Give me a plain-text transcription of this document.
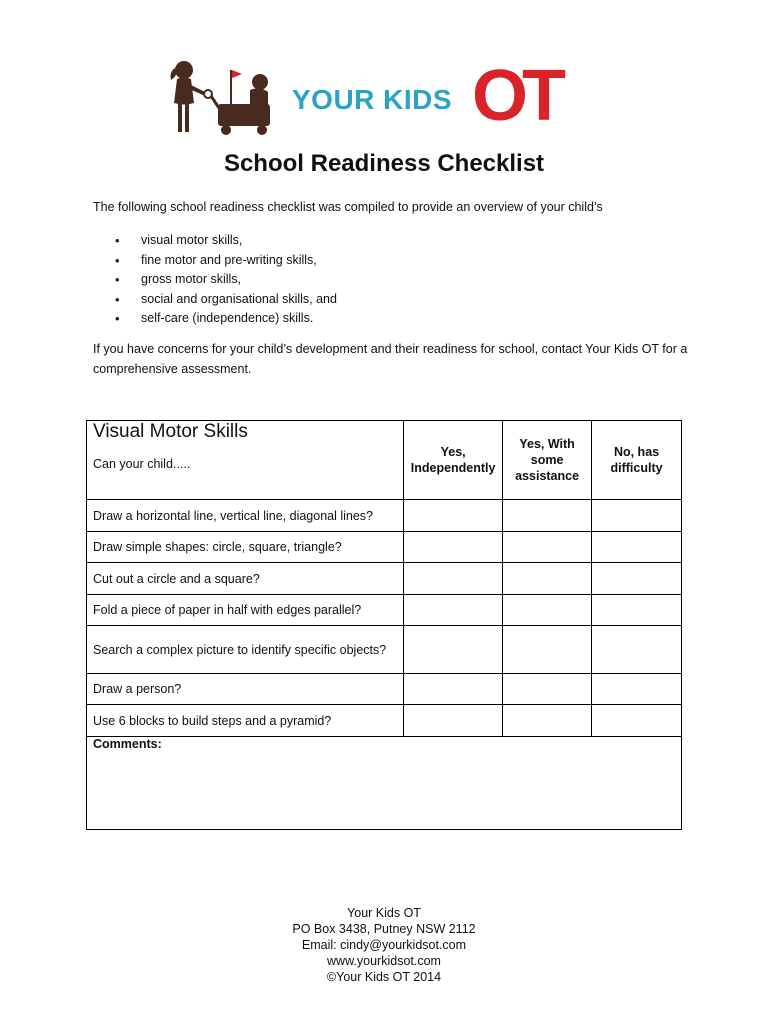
YOUR KIDS OT
School Readiness Checklist
The following school readiness checklist was compiled to provide an overview of your child’s
• visual motor skills,
• fine motor and pre-writing skills,
• gross motor skills,
• social and organisational skills, and
• self-care (independence) skills.
If you have concerns for your child’s development and their readiness for school, contact Your Kids OT for a comprehensive assessment.
Visual Motor Skills
Can your child.....	Yes, Independently	Yes, With some assistance	No, has difficulty
Draw a horizontal line, vertical line, diagonal lines?			
Draw simple shapes: circle, square, triangle?			
Cut out a circle and a square?			
Fold a piece of paper in half with edges parallel?			
Search a complex picture to identify specific objects?			
Draw a person?			
Use 6 blocks to build steps and a pyramid?			
Comments:			
Your Kids OT
PO Box 3438, Putney NSW 2112
Email: cindy@yourkidsot.com
www.yourkidsot.com
©Your Kids OT 2014
